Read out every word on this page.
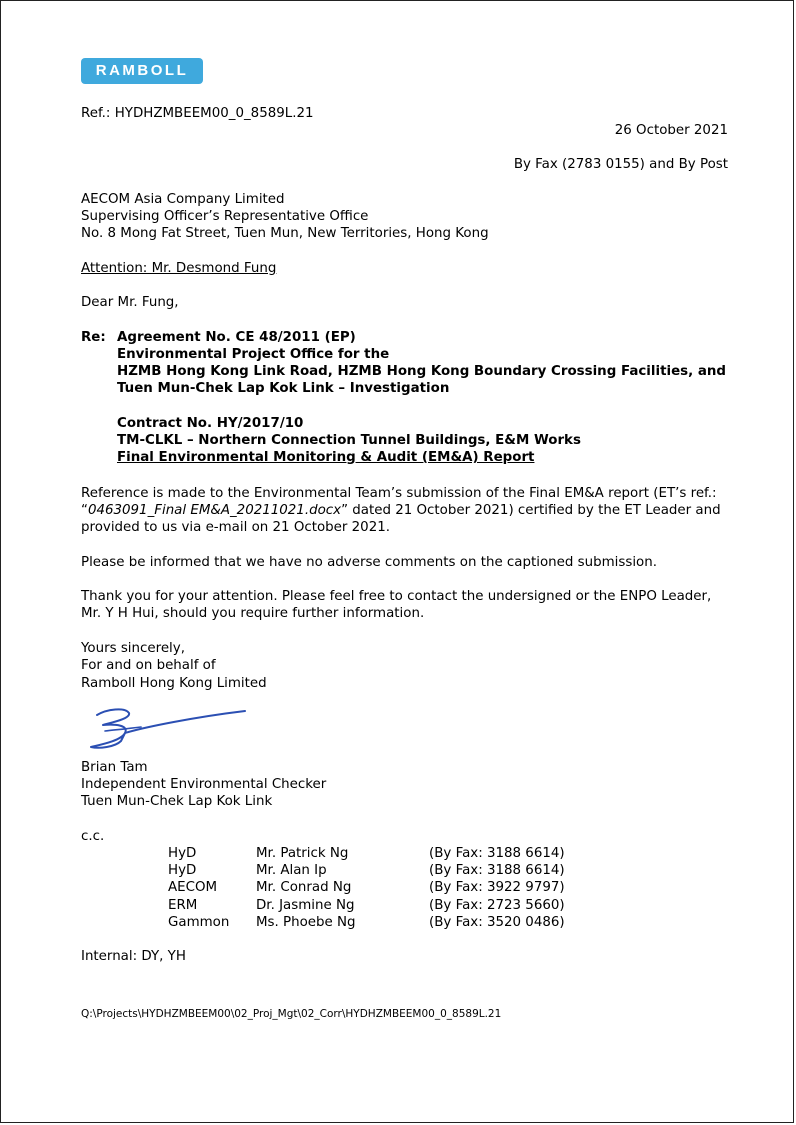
RAMBOLL
Ref.: HYDHZMBEEM00_0_8589L.21
26 October 2021
By Fax (2783 0155) and By Post
AECOM Asia Company Limited
Supervising Officer’s Representative Office
No. 8 Mong Fat Street, Tuen Mun, New Territories, Hong Kong
Attention: Mr. Desmond Fung
Dear Mr. Fung,
Re: Agreement No. CE 48/2011 (EP)
Environmental Project Office for the
HZMB Hong Kong Link Road, HZMB Hong Kong Boundary Crossing Facilities, and
Tuen Mun-Chek Lap Kok Link – Investigation
Contract No. HY/2017/10
TM-CLKL – Northern Connection Tunnel Buildings, E&M Works
Final Environmental Monitoring & Audit (EM&A) Report
Reference is made to the Environmental Team’s submission of the Final EM&A report (ET’s ref.:
“0463091_Final EM&A_20211021.docx” dated 21 October 2021) certified by the ET Leader and
provided to us via e-mail on 21 October 2021.
Please be informed that we have no adverse comments on the captioned submission.
Thank you for your attention. Please feel free to contact the undersigned or the ENPO Leader,
Mr. Y H Hui, should you require further information.
Yours sincerely,
For and on behalf of
Ramboll Hong Kong Limited
Brian Tam
Independent Environmental Checker
Tuen Mun-Chek Lap Kok Link
c.c.
HyD	Mr. Patrick Ng	(By Fax: 3188 6614)
HyD	Mr. Alan Ip	(By Fax: 3188 6614)
AECOM	Mr. Conrad Ng	(By Fax: 3922 9797)
ERM	Dr. Jasmine Ng	(By Fax: 2723 5660)
Gammon Ms. Phoebe Ng	(By Fax: 3520 0486)
Internal: DY, YH
Q:\Projects\HYDHZMBEEM00\02_Proj_Mgt\02_Corr\HYDHZMBEEM00_0_8589L.21
